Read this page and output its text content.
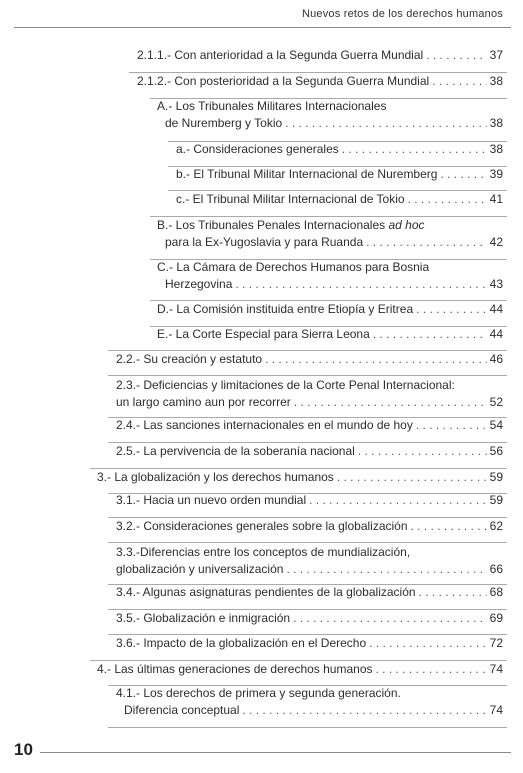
Nuevos retos de los derechos humanos
2.1.1.- Con anterioridad a la Segunda Guerra Mundial . . .	37
2.1.2.- Con posterioridad a la Segunda Guerra Mundial . . .	38
A.- Los Tribunales Militares Internacionales
de Nuremberg y Tokio . . .	38
a.- Consideraciones generales . . .	38
b.- El Tribunal Militar Internacional de Nuremberg . . .	39
c.- El Tribunal Militar Internacional de Tokio . . .	41
B.- Los Tribunales Penales Internacionales ad hoc
para la Ex-Yugoslavia y para Ruanda . . .	42
C.- La Cámara de Derechos Humanos para Bosnia
Herzegovina . . .	43
D.- La Comisión instituida entre Etiopía y Eritrea . . .	44
E.- La Corte Especial para Sierra Leona . . .	44
2.2.- Su creación y estatuto . . .	46
2.3.- Deficiencias y limitaciones de la Corte Penal Internacional:
un largo camino aun por recorrer . . .	52
2.4.- Las sanciones internacionales en el mundo de hoy . . .	54
2.5.- La pervivencia de la soberanía nacional . . .	56
3.- La globalización y los derechos humanos . . .	59
3.1.- Hacia un nuevo orden mundial . . .	59
3.2.- Consideraciones generales sobre la globalización . . .	62
3.3.-Diferencias entre los conceptos de mundialización,
globalización y universalización . . .	66
3.4.- Algunas asignaturas pendientes de la globalización . . .	68
3.5.- Globalización e inmigración . . .	69
3.6.- Impacto de la globalización en el Derecho . . .	72
4.- Las últimas generaciones de derechos humanos . . .	74
4.1.- Los derechos de primera y segunda generación.
Diferencia conceptual . . .	74
10
